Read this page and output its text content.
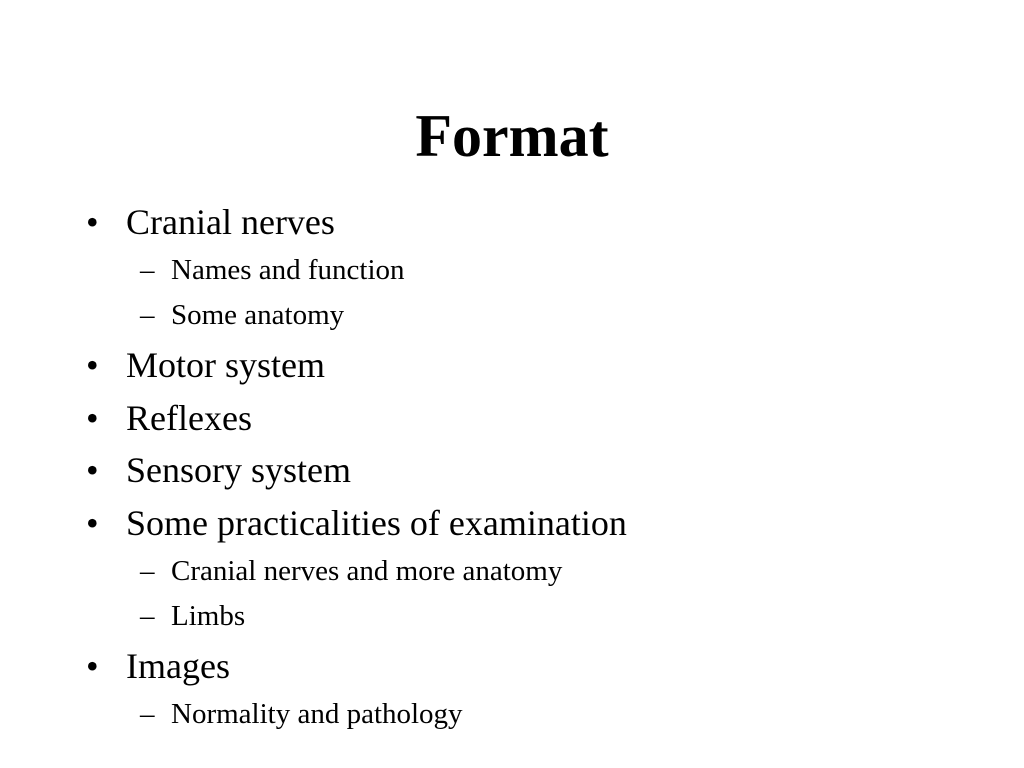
Format
• Cranial nerves
– Names and function
– Some anatomy
• Motor system
• Reflexes
• Sensory system
• Some practicalities of examination
– Cranial nerves and more anatomy
– Limbs
• Images
– Normality and pathology
